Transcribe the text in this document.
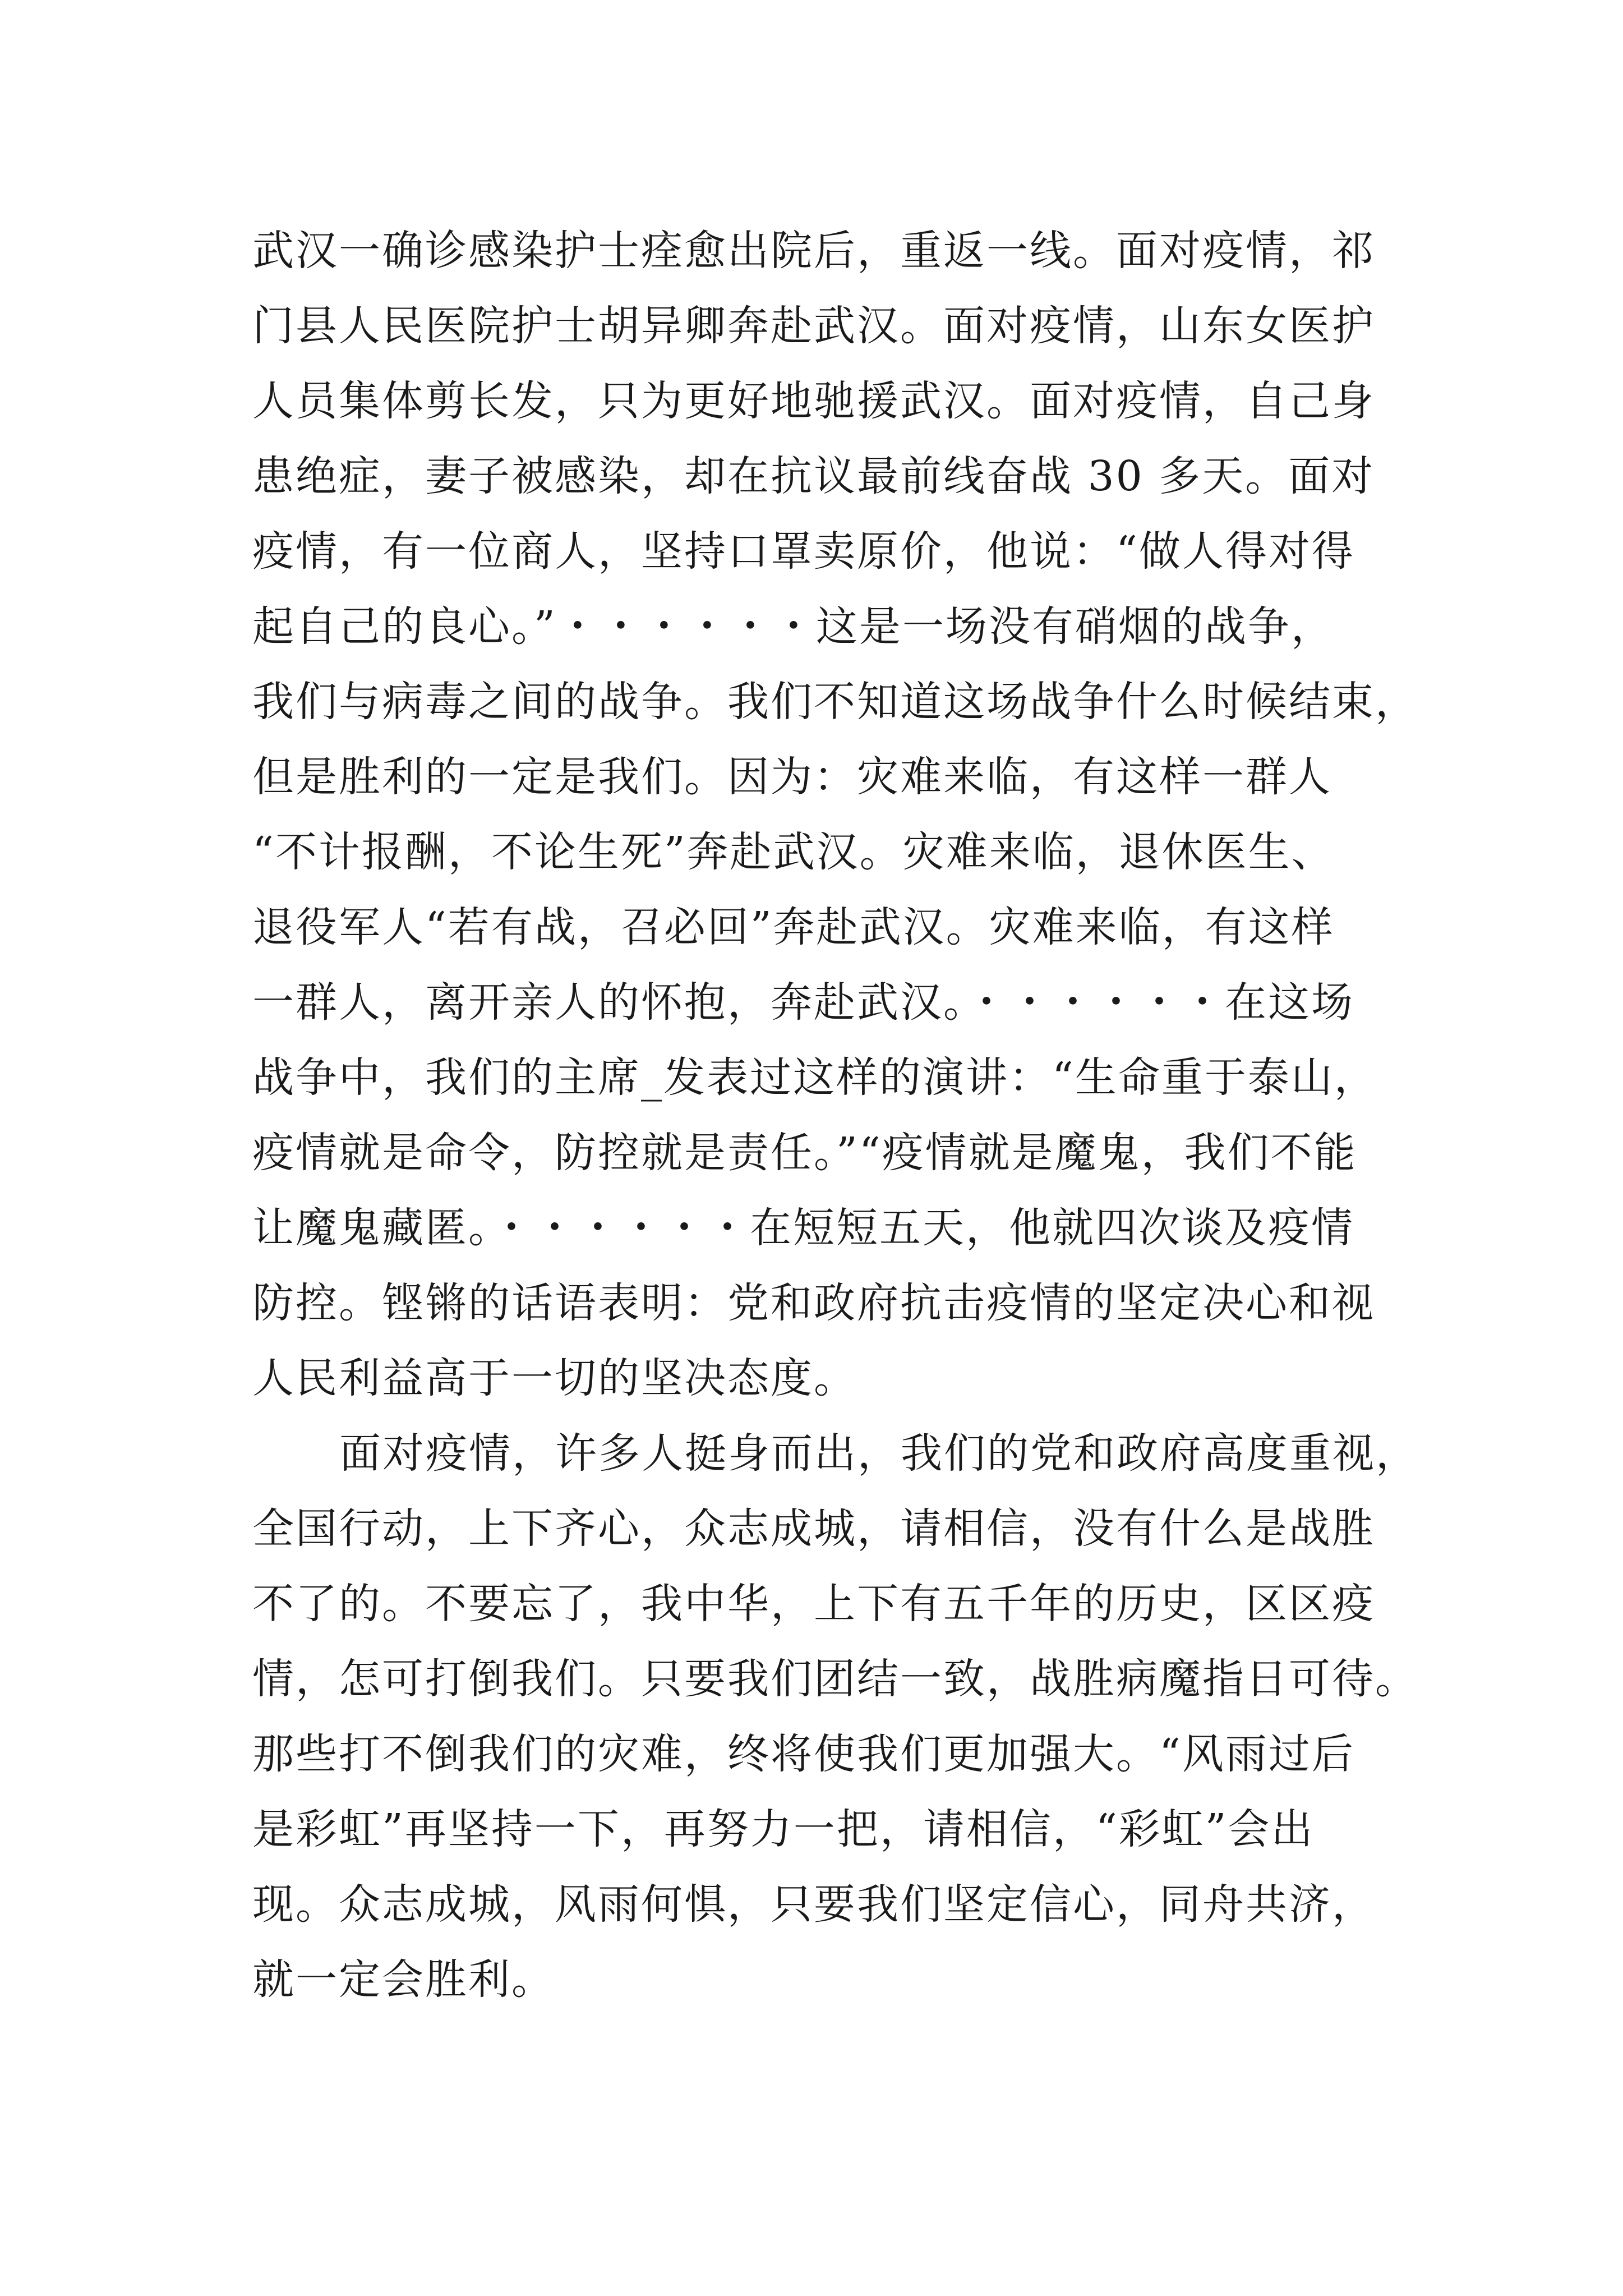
武汉一确诊感染护士痊愈出院后，重返一线。面对疫情，祁
门县人民医院护士胡异卿奔赴武汉。面对疫情，山东女医护
人员集体剪长发，只为更好地驰援武汉。面对疫情，自己身
患绝症，妻子被感染，却在抗议最前线奋战 30 多天。面对
疫情，有一位商人，坚持口罩卖原价，他说：“做人得对得
起自己的良心。”・・・・・・这是一场没有硝烟的战争，
我们与病毒之间的战争。我们不知道这场战争什么时候结束，
但是胜利的一定是我们。因为：灾难来临，有这样一群人
“不计报酬，不论生死”奔赴武汉。灾难来临，退休医生、
退役军人“若有战，召必回”奔赴武汉。灾难来临，有这样
一群人，离开亲人的怀抱，奔赴武汉。・・・・・・在这场
战争中，我们的主席_发表过这样的演讲：“生命重于泰山，
疫情就是命令，防控就是责任。”“疫情就是魔鬼，我们不能
让魔鬼藏匿。・・・・・・在短短五天，他就四次谈及疫情
防控。铿锵的话语表明：党和政府抗击疫情的坚定决心和视
人民利益高于一切的坚决态度。
面对疫情，许多人挺身而出，我们的党和政府高度重视，
全国行动，上下齐心，众志成城，请相信，没有什么是战胜
不了的。不要忘了，我中华，上下有五千年的历史，区区疫
情，怎可打倒我们。只要我们团结一致，战胜病魔指日可待。
那些打不倒我们的灾难，终将使我们更加强大。“风雨过后
是彩虹”再坚持一下，再努力一把，请相信，“彩虹”会出
现。众志成城，风雨何惧，只要我们坚定信心，同舟共济，
就一定会胜利。
